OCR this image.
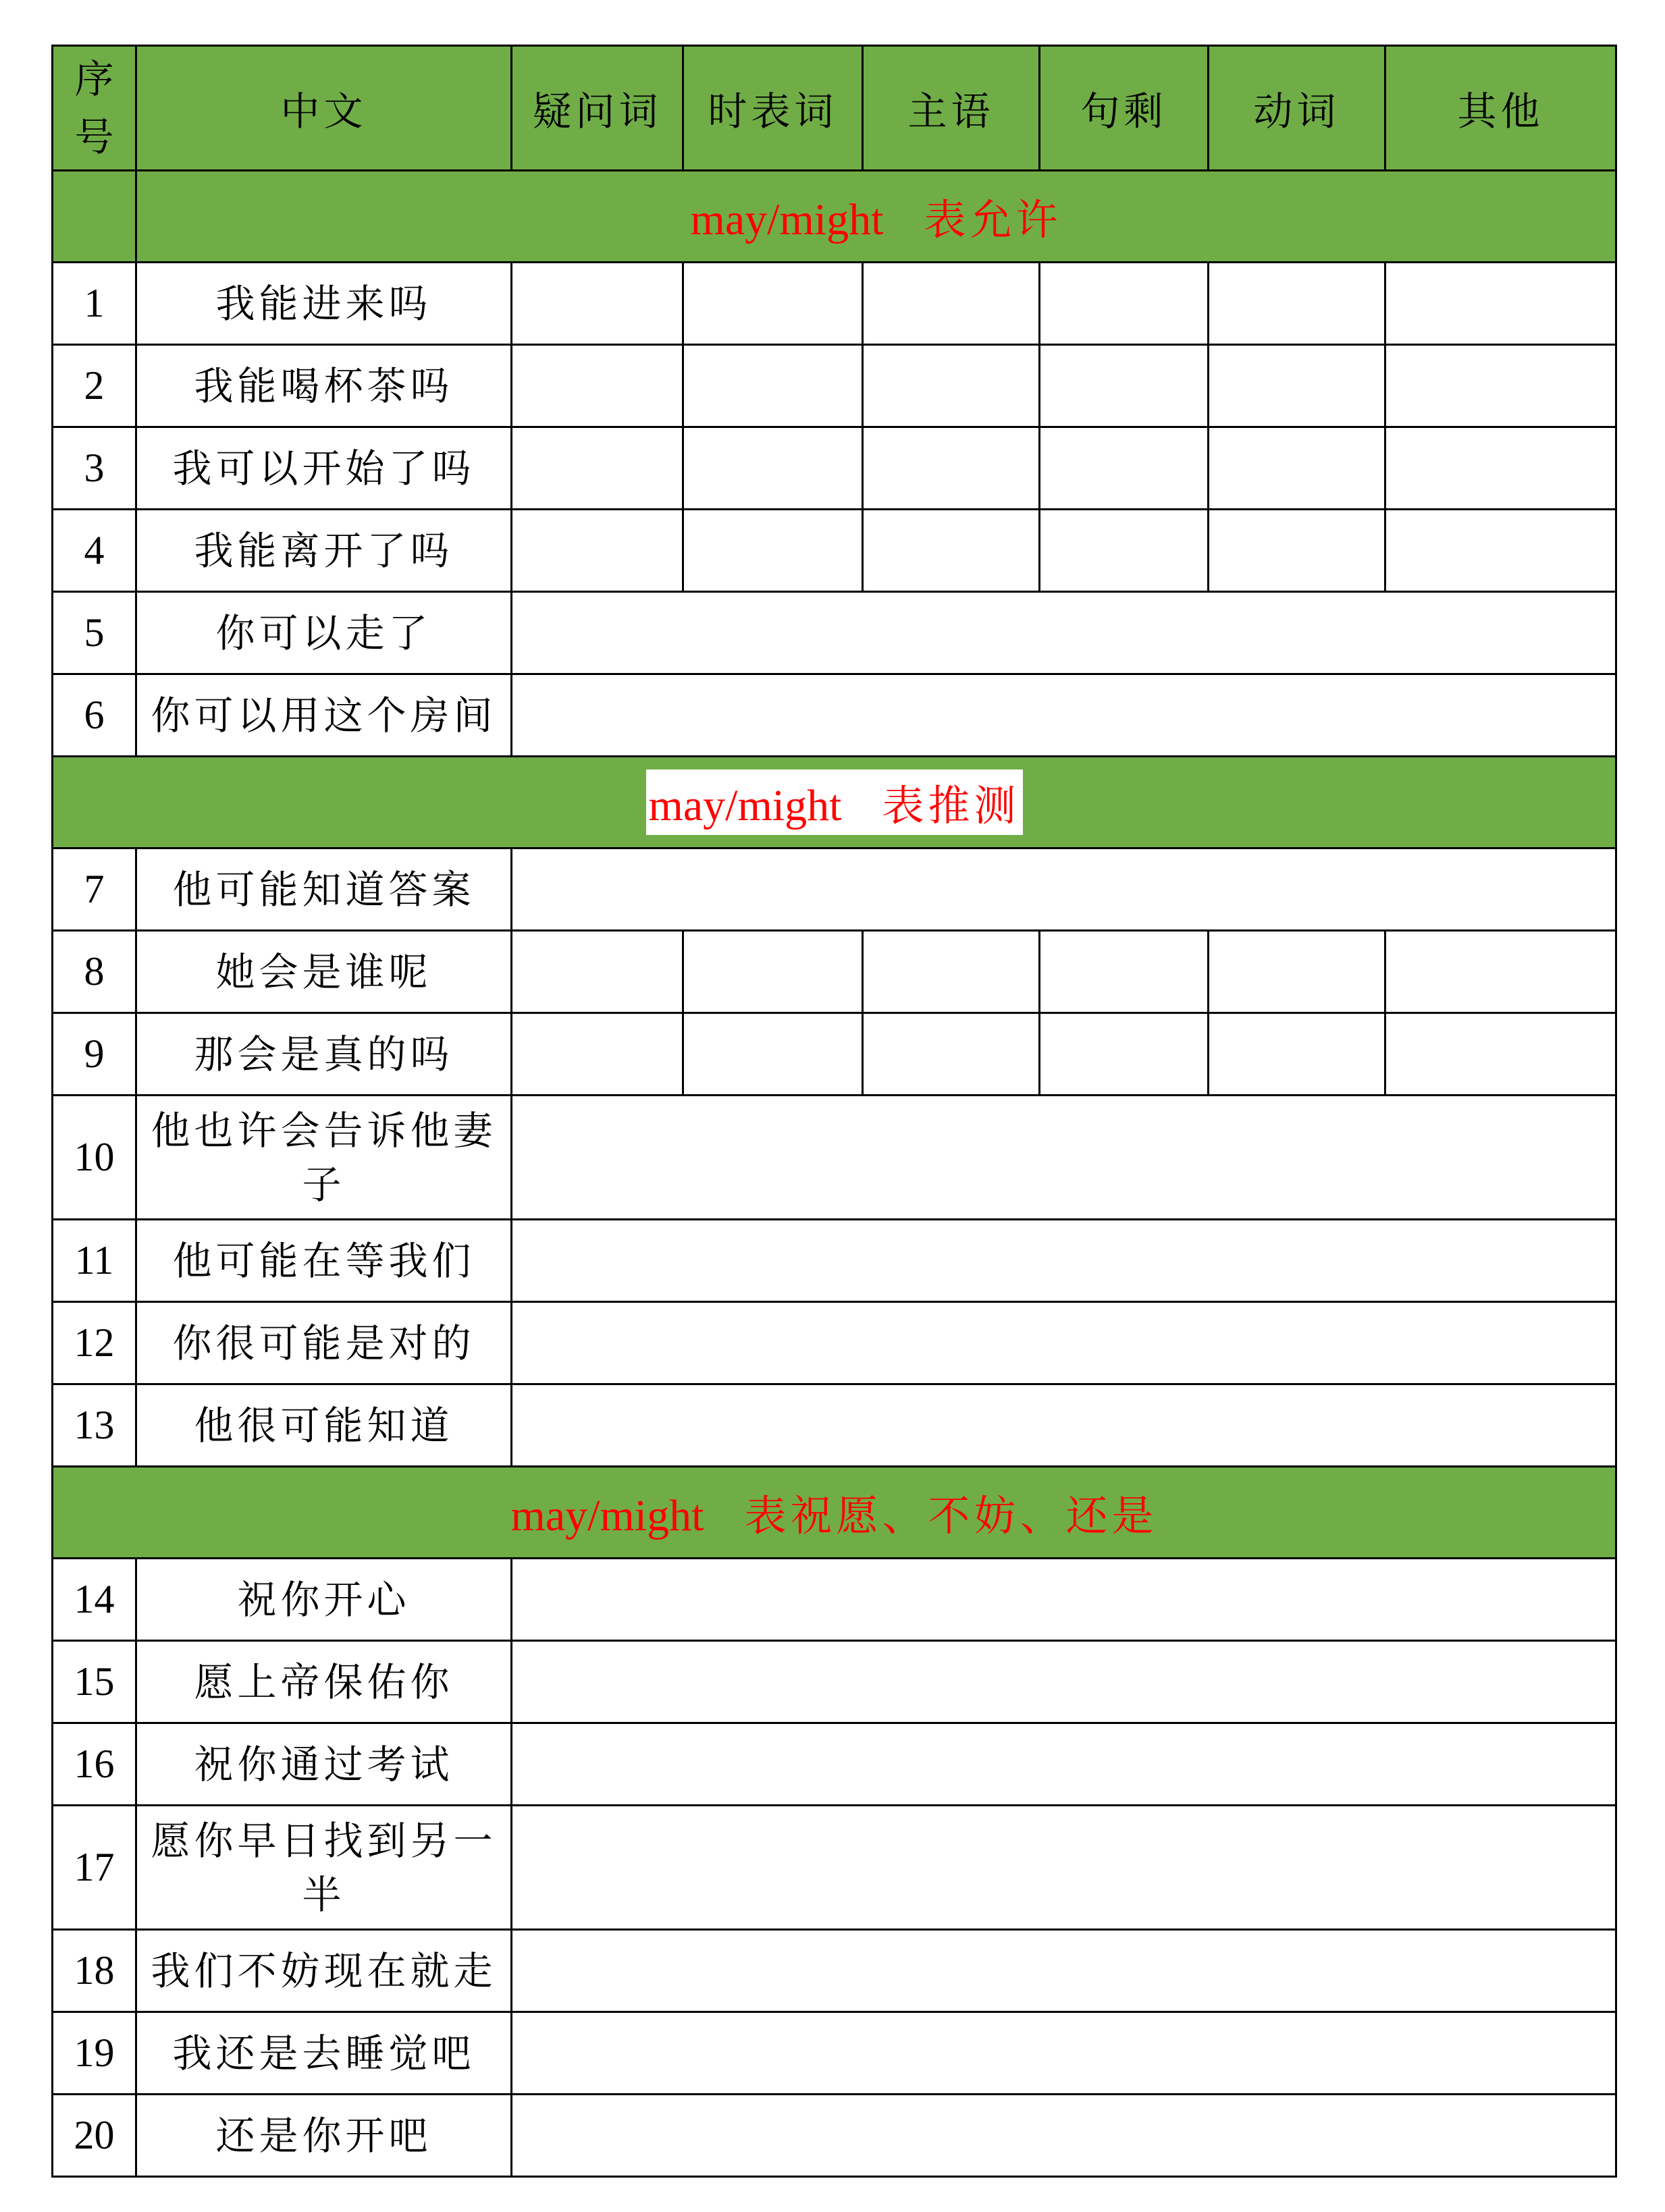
序
号	中文	疑问词	时表词	主语	句剩	动词	其他
	may/might 表允许						
1	我能进来吗						
2	我能喝杯茶吗						
3	我可以开始了吗						
4	我能离开了吗						
5	你可以走了						
6	你可以用这个房间						
may/might 表推测							
7	他可能知道答案						
8	她会是谁呢						
9	那会是真的吗						
10	他也许会告诉他妻子						
11	他可能在等我们						
12	你很可能是对的						
13	他很可能知道						
may/might 表祝愿、不妨、还是							
14	祝你开心						
15	愿上帝保佑你						
16	祝你通过考试						
17	愿你早日找到另一半						
18	我们不妨现在就走						
19	我还是去睡觉吧						
20	还是你开吧						
